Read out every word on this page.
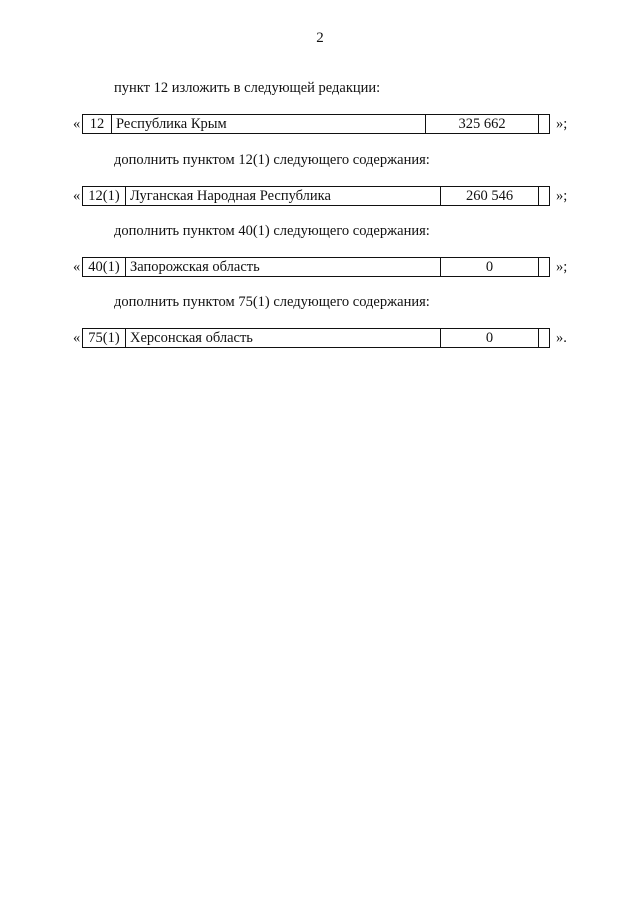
2
пункт 12 изложить в следующей редакции:
« 12	Республика Крым	325 662		»;
дополнить пунктом 12(1) следующего содержания:
« 12(1)	Луганская Народная Республика	260 546		»;
дополнить пунктом 40(1) следующего содержания:
« 40(1)	Запорожская область	0		»;
дополнить пунктом 75(1) следующего содержания:
« 75(1)	Херсонская область	0		».
